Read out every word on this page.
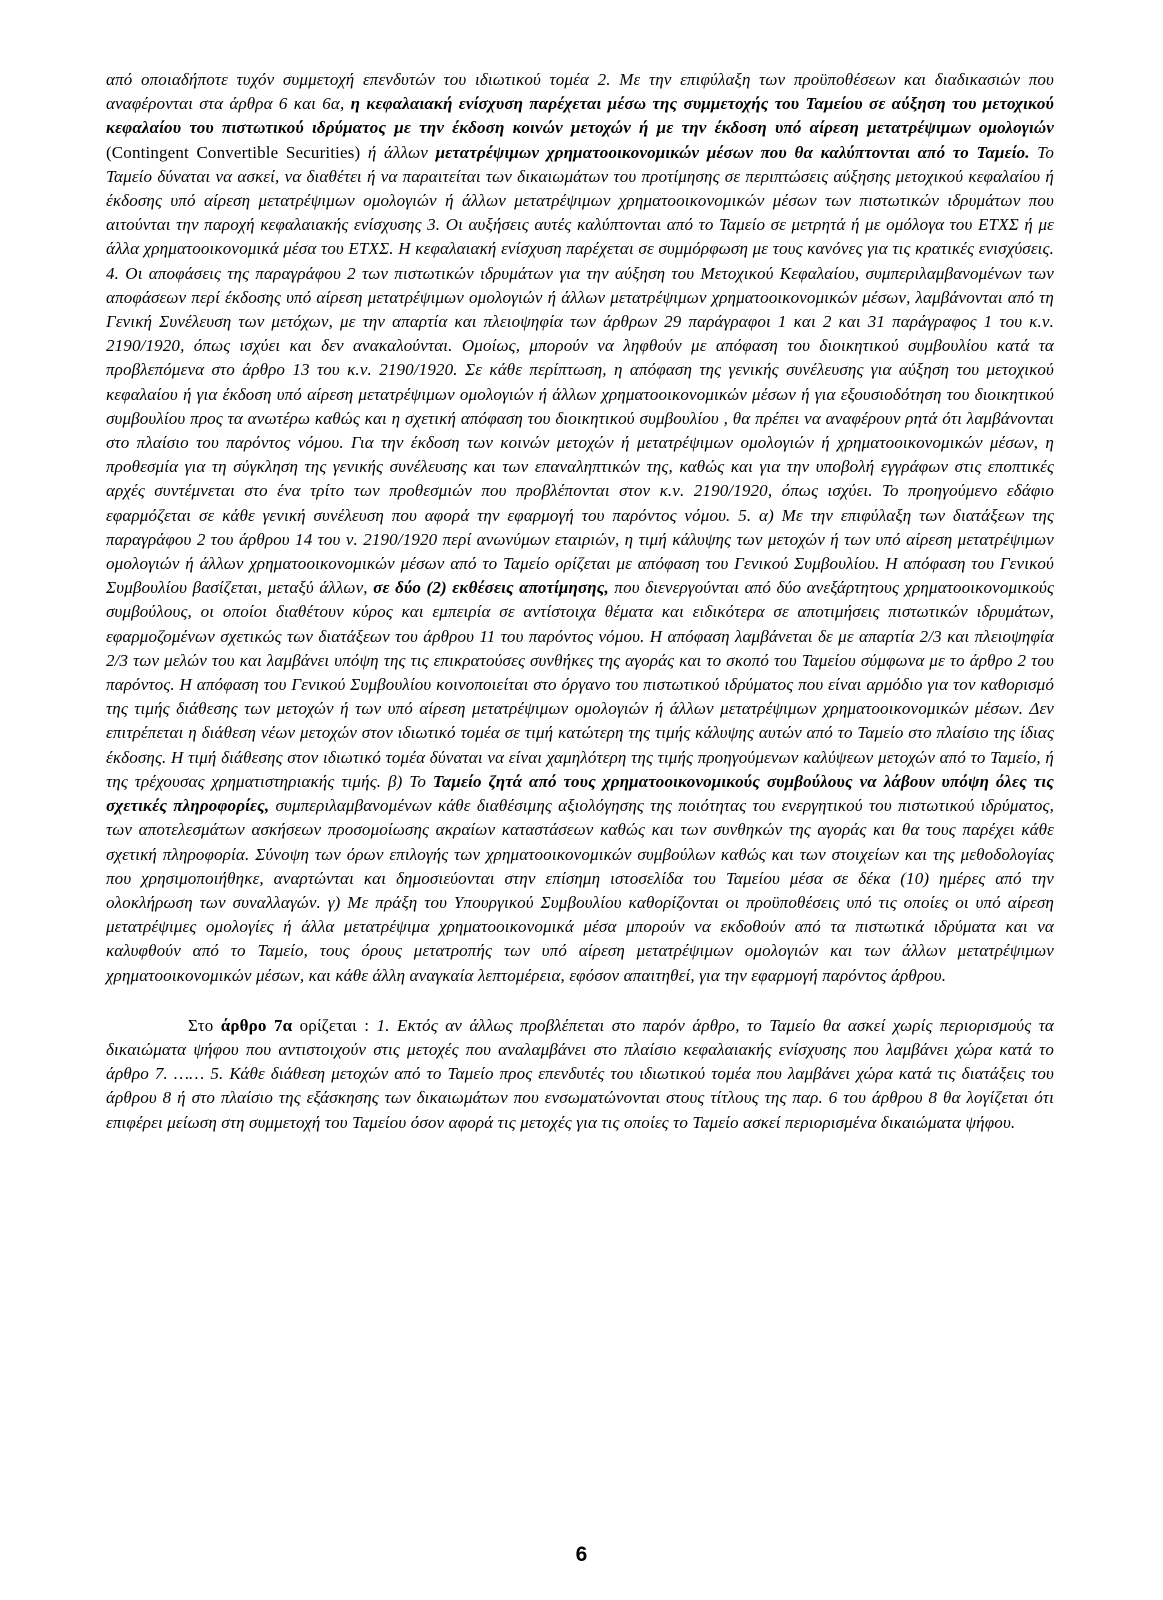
από οποιαδήποτε τυχόν συμμετοχή επενδυτών του ιδιωτικού τομέα 2. Με την επιφύλαξη των προϋποθέσεων και διαδικασιών που αναφέρονται στα άρθρα 6 και 6α, η κεφαλαιακή ενίσχυση παρέχεται μέσω της συμμετοχής του Ταμείου σε αύξηση του μετοχικού κεφαλαίου του πιστωτικού ιδρύματος με την έκδοση κοινών μετοχών ή με την έκδοση υπό αίρεση μετατρέψιμων ομολογιών (Contingent Convertible Securities) ή άλλων μετατρέψιμων χρηματοοικονομικών μέσων που θα καλύπτονται από το Ταμείο. Το Ταμείο δύναται να ασκεί, να διαθέτει ή να παραιτείται των δικαιωμάτων του προτίμησης σε περιπτώσεις αύξησης μετοχικού κεφαλαίου ή έκδοσης υπό αίρεση μετατρέψιμων ομολογιών ή άλλων μετατρέψιμων χρηματοοικονομικών μέσων των πιστωτικών ιδρυμάτων που αιτούνται την παροχή κεφαλαιακής ενίσχυσης 3. Οι αυξήσεις αυτές καλύπτονται από το Ταμείο σε μετρητά ή με ομόλογα του ΕΤΧΣ ή με άλλα χρηματοοικονομικά μέσα του ΕΤΧΣ. Η κεφαλαιακή ενίσχυση παρέχεται σε συμμόρφωση με τους κανόνες για τις κρατικές ενισχύσεις. 4. Οι αποφάσεις της παραγράφου 2 των πιστωτικών ιδρυμάτων για την αύξηση του Μετοχικού Κεφαλαίου, συμπεριλαμβανομένων των αποφάσεων περί έκδοσης υπό αίρεση μετατρέψιμων ομολογιών ή άλλων μετατρέψιμων χρηματοοικονομικών μέσων, λαμβάνονται από τη Γενική Συνέλευση των μετόχων, με την απαρτία και πλειοψηφία των άρθρων 29 παράγραφοι 1 και 2 και 31 παράγραφος 1 του κ.ν. 2190/1920, όπως ισχύει και δεν ανακαλούνται. Ομοίως, μπορούν να ληφθούν με απόφαση του διοικητικού συμβουλίου κατά τα προβλεπόμενα στο άρθρο 13 του κ.ν. 2190/1920. Σε κάθε περίπτωση, η απόφαση της γενικής συνέλευσης για αύξηση του μετοχικού κεφαλαίου ή για έκδοση υπό αίρεση μετατρέψιμων ομολογιών ή άλλων χρηματοοικονομικών μέσων ή για εξουσιοδότηση του διοικητικού συμβουλίου προς τα ανωτέρω καθώς και η σχετική απόφαση του διοικητικού συμβουλίου , θα πρέπει να αναφέρουν ρητά ότι λαμβάνονται στο πλαίσιο του παρόντος νόμου. Για την έκδοση των κοινών μετοχών ή μετατρέψιμων ομολογιών ή χρηματοοικονομικών μέσων, η προθεσμία για τη σύγκληση της γενικής συνέλευσης και των επαναληπτικών της, καθώς και για την υποβολή εγγράφων στις εποπτικές αρχές συντέμνεται στο ένα τρίτο των προθεσμιών που προβλέπονται στον κ.ν. 2190/1920, όπως ισχύει. Το προηγούμενο εδάφιο εφαρμόζεται σε κάθε γενική συνέλευση που αφορά την εφαρμογή του παρόντος νόμου. 5. α) Με την επιφύλαξη των διατάξεων της παραγράφου 2 του άρθρου 14 του ν. 2190/1920 περί ανωνύμων εταιριών, η τιμή κάλυψης των μετοχών ή των υπό αίρεση μετατρέψιμων ομολογιών ή άλλων χρηματοοικονομικών μέσων από το Ταμείο ορίζεται με απόφαση του Γενικού Συμβουλίου. Η απόφαση του Γενικού Συμβουλίου βασίζεται, μεταξύ άλλων, σε δύο (2) εκθέσεις αποτίμησης, που διενεργούνται από δύο ανεξάρτητους χρηματοοικονομικούς συμβούλους, οι οποίοι διαθέτουν κύρος και εμπειρία σε αντίστοιχα θέματα και ειδικότερα σε αποτιμήσεις πιστωτικών ιδρυμάτων, εφαρμοζομένων σχετικώς των διατάξεων του άρθρου 11 του παρόντος νόμου. Η απόφαση λαμβάνεται δε με απαρτία 2/3 και πλειοψηφία 2/3 των μελών του και λαμβάνει υπόψη της τις επικρατούσες συνθήκες της αγοράς και το σκοπό του Ταμείου σύμφωνα με το άρθρο 2 του παρόντος. Η απόφαση του Γενικού Συμβουλίου κοινοποιείται στο όργανο του πιστωτικού ιδρύματος που είναι αρμόδιο για τον καθορισμό της τιμής διάθεσης των μετοχών ή των υπό αίρεση μετατρέψιμων ομολογιών ή άλλων μετατρέψιμων χρηματοοικονομικών μέσων. Δεν επιτρέπεται η διάθεση νέων μετοχών στον ιδιωτικό τομέα σε τιμή κατώτερη της τιμής κάλυψης αυτών από το Ταμείο στο πλαίσιο της ίδιας έκδοσης. Η τιμή διάθεσης στον ιδιωτικό τομέα δύναται να είναι χαμηλότερη της τιμής προηγούμενων καλύψεων μετοχών από το Ταμείο, ή της τρέχουσας χρηματιστηριακής τιμής. β) Το Ταμείο ζητά από τους χρηματοοικονομικούς συμβούλους να λάβουν υπόψη όλες τις σχετικές πληροφορίες, συμπεριλαμβανομένων κάθε διαθέσιμης αξιολόγησης της ποιότητας του ενεργητικού του πιστωτικού ιδρύματος, των αποτελεσμάτων ασκήσεων προσομοίωσης ακραίων καταστάσεων καθώς και των συνθηκών της αγοράς και θα τους παρέχει κάθε σχετική πληροφορία. Σύνοψη των όρων επιλογής των χρηματοοικονομικών συμβούλων καθώς και των στοιχείων και της μεθοδολογίας που χρησιμοποιήθηκε, αναρτώνται και δημοσιεύονται στην επίσημη ιστοσελίδα του Ταμείου μέσα σε δέκα (10) ημέρες από την ολοκλήρωση των συναλλαγών. γ) Με πράξη του Υπουργικού Συμβουλίου καθορίζονται οι προϋποθέσεις υπό τις οποίες οι υπό αίρεση μετατρέψιμες ομολογίες ή άλλα μετατρέψιμα χρηματοοικονομικά μέσα μπορούν να εκδοθούν από τα πιστωτικά ιδρύματα και να καλυφθούν από το Ταμείο, τους όρους μετατροπής των υπό αίρεση μετατρέψιμων ομολογιών και των άλλων μετατρέψιμων χρηματοοικονομικών μέσων, και κάθε άλλη αναγκαία λεπτομέρεια, εφόσον απαιτηθεί, για την εφαρμογή παρόντος άρθρου.

Στο άρθρο 7α ορίζεται : 1. Εκτός αν άλλως προβλέπεται στο παρόν άρθρο, το Ταμείο θα ασκεί χωρίς περιορισμούς τα δικαιώματα ψήφου που αντιστοιχούν στις μετοχές που αναλαμβάνει στο πλαίσιο κεφαλαιακής ενίσχυσης που λαμβάνει χώρα κατά το άρθρο 7. …… 5. Κάθε διάθεση μετοχών από το Ταμείο προς επενδυτές του ιδιωτικού τομέα που λαμβάνει χώρα κατά τις διατάξεις του άρθρου 8 ή στο πλαίσιο της εξάσκησης των δικαιωμάτων που ενσωματώνονται στους τίτλους της παρ. 6 του άρθρου 8 θα λογίζεται ότι επιφέρει μείωση στη συμμετοχή του Ταμείου όσον αφορά τις μετοχές για τις οποίες το Ταμείο ασκεί περιορισμένα δικαιώματα ψήφου.

6
